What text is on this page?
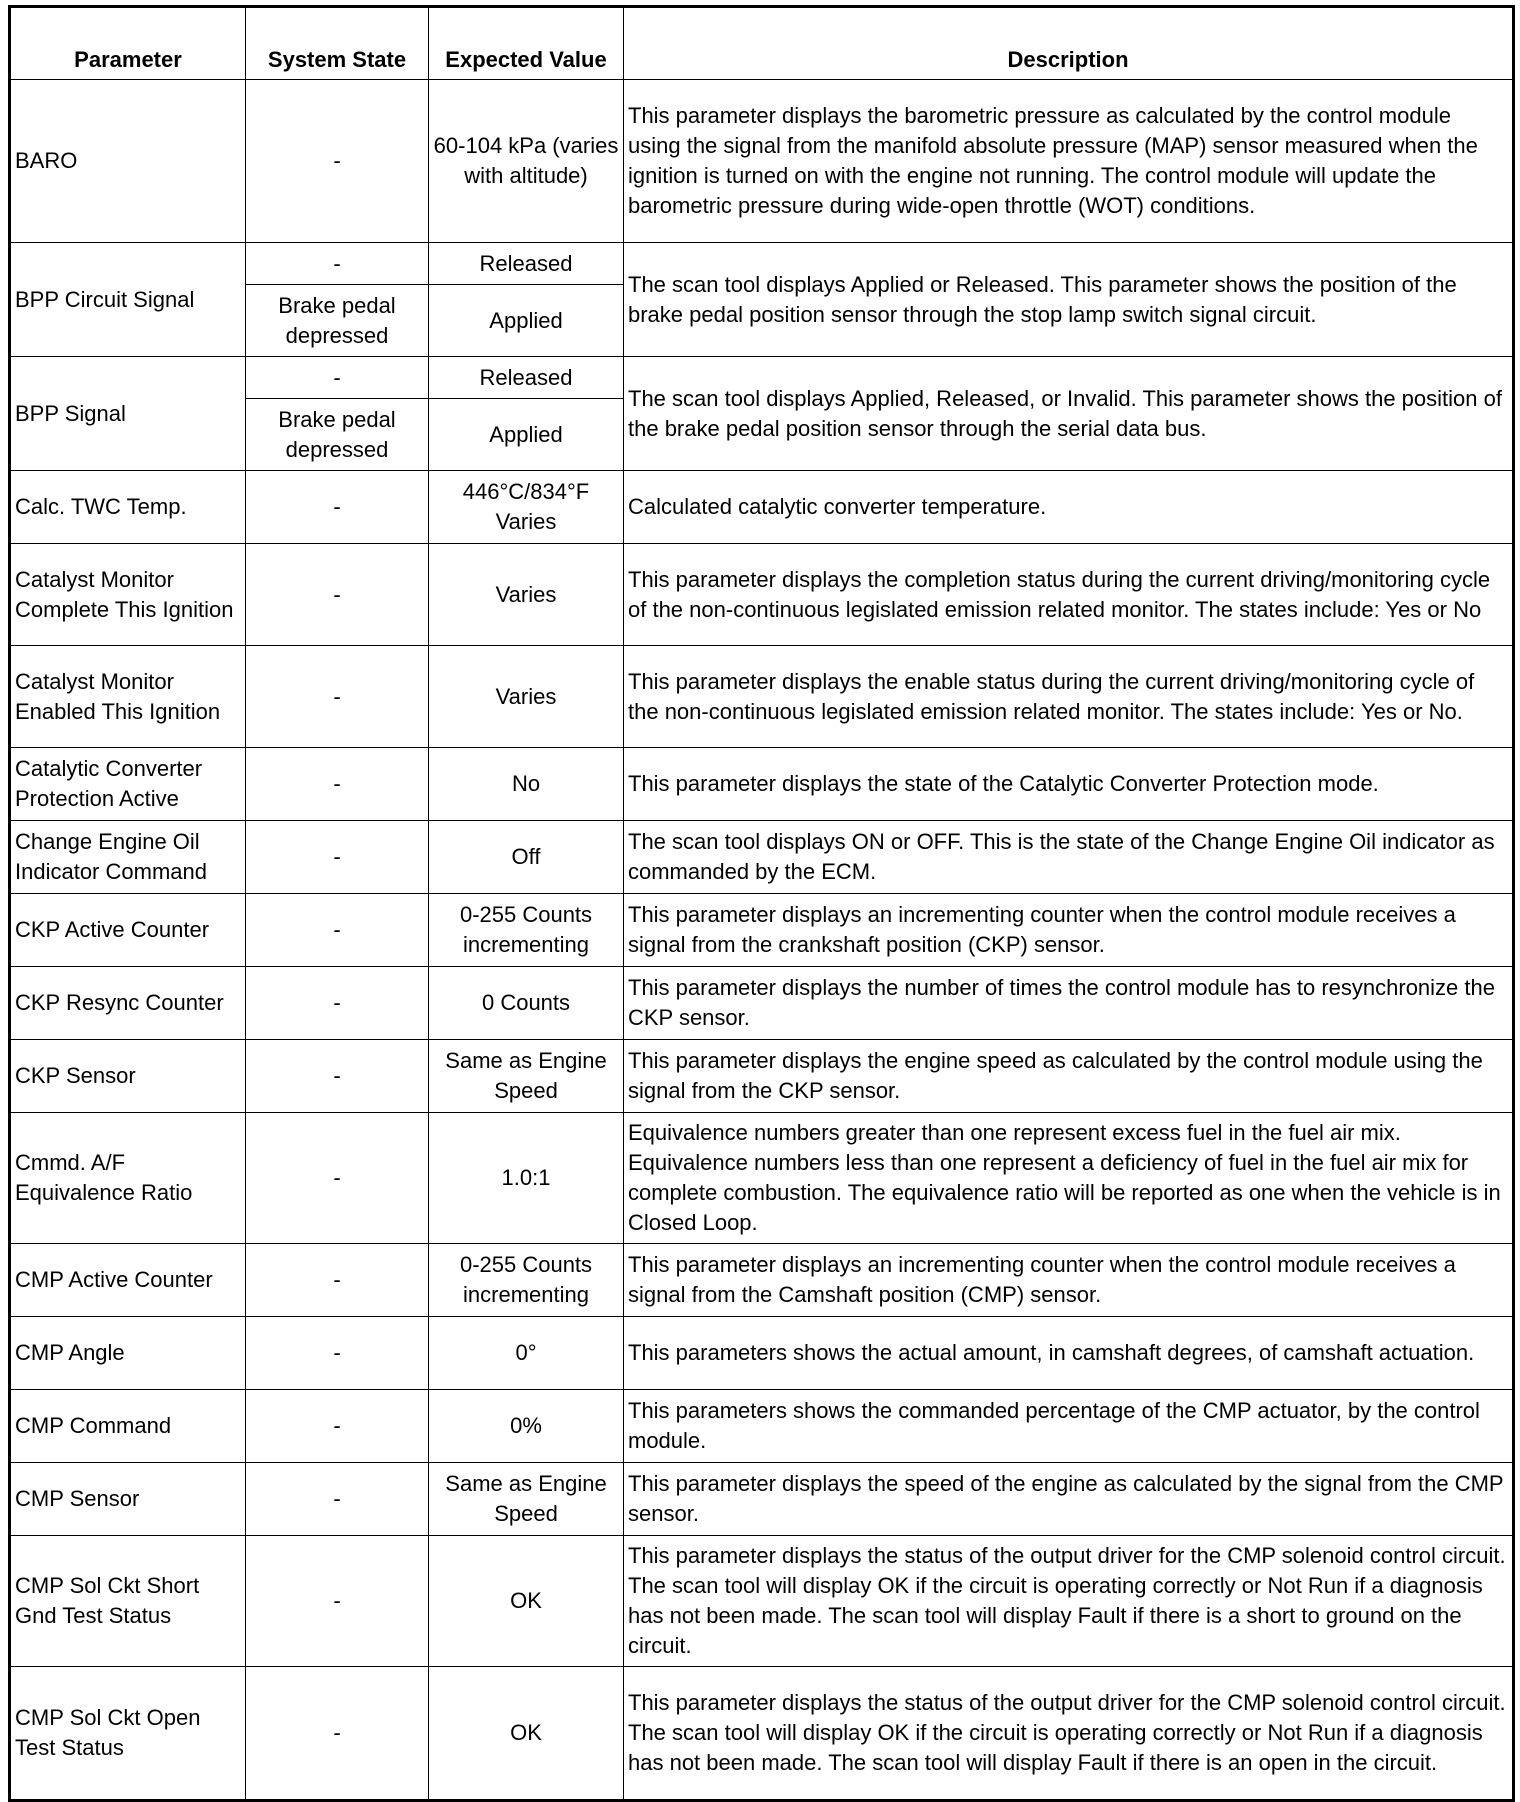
Parameter	System State	Expected Value	Description
BARO	-	60-104 kPa (varies with altitude)	This parameter displays the barometric pressure as calculated by the control module using the signal from the manifold absolute pressure (MAP) sensor measured when the ignition is turned on with the engine not running. The control module will update the barometric pressure during wide-open throttle (WOT) conditions.
BPP Circuit Signal	-	Released	The scan tool displays Applied or Released. This parameter shows the position of the brake pedal position sensor through the stop lamp switch signal circuit.
	Brake pedal depressed	Applied	
BPP Signal	-	Released	The scan tool displays Applied, Released, or Invalid. This parameter shows the position of the brake pedal position sensor through the serial data bus.
	Brake pedal depressed	Applied	
Calc. TWC Temp.	-	446°C/834°F Varies	Calculated catalytic converter temperature.
Catalyst Monitor Complete This Ignition	-	Varies	This parameter displays the completion status during the current driving/monitoring cycle of the non-continuous legislated emission related monitor. The states include: Yes or No
Catalyst Monitor Enabled This Ignition	-	Varies	This parameter displays the enable status during the current driving/monitoring cycle of the non-continuous legislated emission related monitor. The states include: Yes or No.
Catalytic Converter Protection Active	-	No	This parameter displays the state of the Catalytic Converter Protection mode.
Change Engine Oil Indicator Command	-	Off	The scan tool displays ON or OFF. This is the state of the Change Engine Oil indicator as commanded by the ECM.
CKP Active Counter	-	0-255 Counts incrementing	This parameter displays an incrementing counter when the control module receives a signal from the crankshaft position (CKP) sensor.
CKP Resync Counter	-	0 Counts	This parameter displays the number of times the control module has to resynchronize the CKP sensor.
CKP Sensor	-	Same as Engine Speed	This parameter displays the engine speed as calculated by the control module using the signal from the CKP sensor.
Cmmd. A/F Equivalence Ratio	-	1.0:1	Equivalence numbers greater than one represent excess fuel in the fuel air mix. Equivalence numbers less than one represent a deficiency of fuel in the fuel air mix for complete combustion. The equivalence ratio will be reported as one when the vehicle is in Closed Loop.
CMP Active Counter	-	0-255 Counts incrementing	This parameter displays an incrementing counter when the control module receives a signal from the Camshaft position (CMP) sensor.
CMP Angle	-	0°	This parameters shows the actual amount, in camshaft degrees, of camshaft actuation.
CMP Command	-	0%	This parameters shows the commanded percentage of the CMP actuator, by the control module.
CMP Sensor	-	Same as Engine Speed	This parameter displays the speed of the engine as calculated by the signal from the CMP sensor.
CMP Sol Ckt Short Gnd Test Status	-	OK	This parameter displays the status of the output driver for the CMP solenoid control circuit. The scan tool will display OK if the circuit is operating correctly or Not Run if a diagnosis has not been made. The scan tool will display Fault if there is a short to ground on the circuit.
CMP Sol Ckt Open Test Status	-	OK	This parameter displays the status of the output driver for the CMP solenoid control circuit. The scan tool will display OK if the circuit is operating correctly or Not Run if a diagnosis has not been made. The scan tool will display Fault if there is an open in the circuit.
